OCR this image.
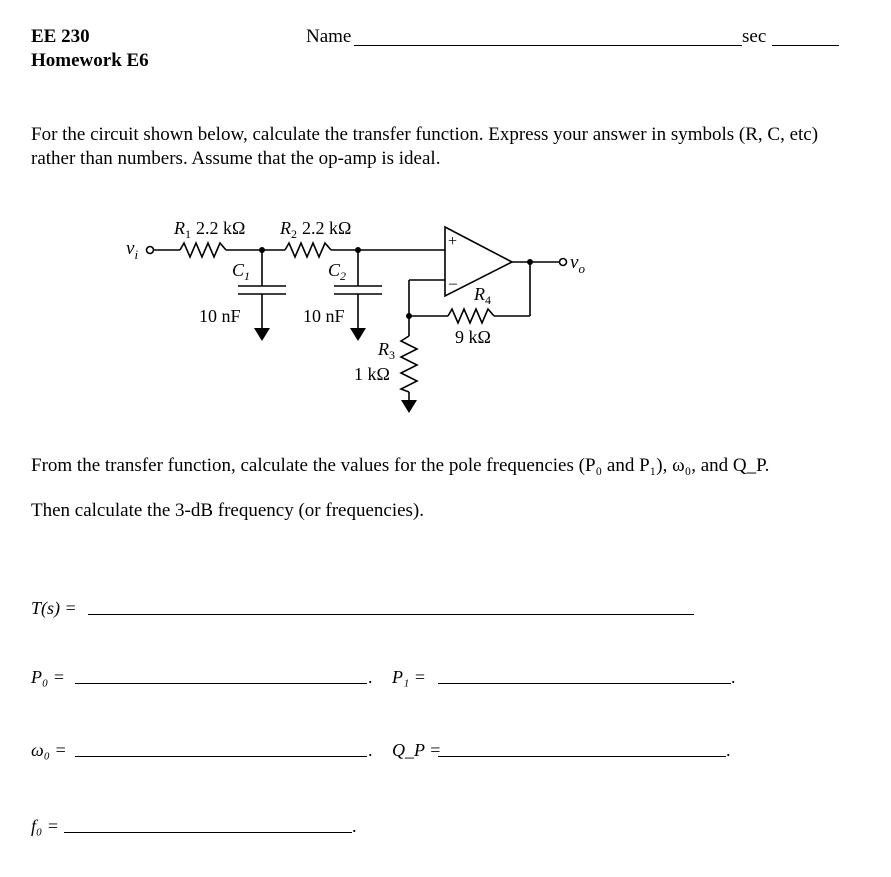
EE 230
Homework E6
Name	sec
For the circuit shown below, calculate the transfer function. Express your answer in symbols (R, C, etc)
rather than numbers. Assume that the op-amp is ideal.
$v_i$	$v_o$
$R_1$ 2.2 kΩ $R_2$ 2.2 kΩ
$C_1$	$C_2$
10 nF	10 nF
$R_4$
9 kΩ
$R_3$
1 kΩ
+
–
From the transfer function, calculate the values for the pole frequencies (P₀ and P₁), ω₀, and Q_P.
Then calculate the 3-dB frequency (or frequencies).
T(s) =
P₀ =	. P₁ =	.
ω₀ =	. Q_P =	.
f₀ =	.
